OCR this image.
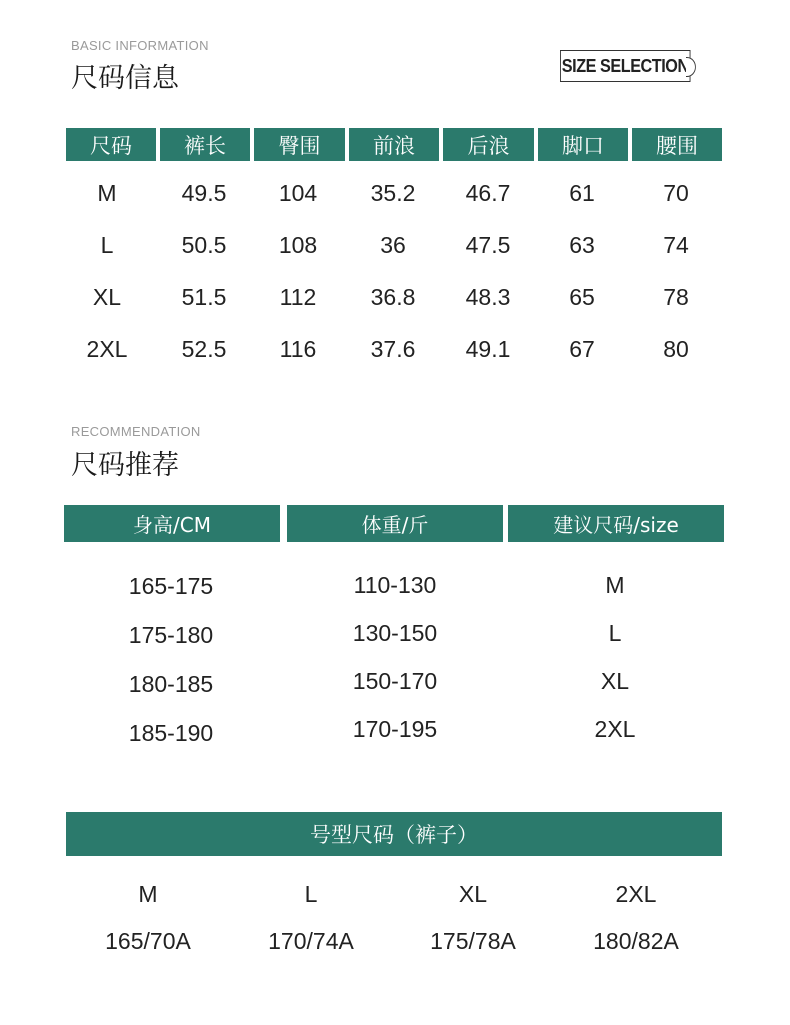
BASIC INFORMATION
尺码信息	SIZE SELECTION
尺码	裤长	臀围	前浪	后浪	脚口	腰围
M	49.5	104	35.2	46.7	61	70
L	50.5	108	36	47.5	63	74
XL	51.5	112	36.8	48.3	65	78
2XL	52.5	116	37.6	49.1	67	80
RECOMMENDATION
尺码推荐
身高/CM	体重/斤	建议尺码/size
165-175	110-130	M
175-180	130-150	L
180-185	150-170	XL
185-190	170-195	2XL
号型尺码（裤子）
M	L	XL	2XL
165/70A	170/74A	175/78A	180/82A
